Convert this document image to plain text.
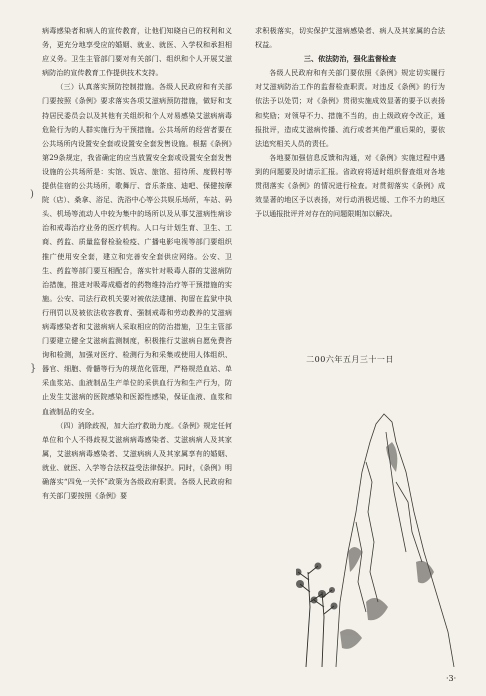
病毒感染者和病人的宣传教育，让他们知晓自已的权利和义务，更充分地享受应的婚姻、就业、就医、入学权和承担相应义务。卫生主管部门要对有关部门、组织和个人开展艾滋病防治的宣传教育工作提供技术支持。

（三）认真落实预防控制措施。各级人民政府和有关部门要按照《条例》要求落实各项艾滋病预防措施，做好和支持居民委员会以及其他有关组织和个人对易感染艾滋病病毒危险行为的人群实施行为干预措施。公共场所的经营者要在公共场所内设置安全套或设置安全套发售设施。根据《条例》第29条规定，我省确定的应当放置安全套或设置安全套发售设施的公共场所是：实馆、饭店、旅馆、招待所、度假村等提供住宿的公共场所，歌舞厅、音乐茶座、迪吧、保健按摩院（店）、桑拿、浴足、洗浴中心等公共娱乐场所，车站、码头、机场等流动人中较为集中的场所以及从事艾滋病性病诊治和戒毒治疗业务的医疗机构。人口与计划生育、卫生、工商、药监、质量监督检验检疫、广播电影电视等部门要组织推广使用安全套，建立和完善安全套供应网络。公安、卫生、药监等部门要互相配合，落实针对吸毒人群的艾滋病防治措施，推进对吸毒成瘾者的药物维持治疗等干预措施的实施。公安、司法行政机关要对被依法逮捕、拘留在监狱中执行刑罚以及被依法收容教育、强制戒毒和劳动教养的艾滋病病毒感染者和艾滋病病人采取相应的防治措施，卫生主管部门要建立健全艾滋病监测制度，积极推行艾滋病自愿免费咨询和检测，加强对医疗、检测行为和采集或使用人体组织、器官、细胞、骨髓等行为的规范化管理，严格规范血站、单采血浆站、血液制品生产单位的采供血行为和生产行为，防止发生艾滋病的医院感染和医源性感染，保证血液、血浆和血液制品的安全。

（四）消除歧视，加大治疗救助力度。《条例》规定任何单位和个人不得歧视艾滋病病毒感染者、艾滋病病人及其家属，艾滋病病毒感染者、艾滋病病人及其家属享有的婚姻、就业、就医、入学等合法权益受法律保护。同时，《条例》明确落实“四免一关怀”政策为各级政府职责。各级人民政府和有关部门要按照《条例》要

求积极落实，切实保护艾滋病感染者、病人及其家属的合法权益。

三、依法防治，强化监督检查

各级人民政府和有关部门要依照《条例》规定切实履行对艾滋病防治工作的监督检查职责。对违反《条例》的行为依法予以处罚；对《条例》贯彻实施成效显著的要予以表扬和奖励；对领导不力、措施不当的，由上级政府令改正，通报批评，造成艾滋病传播、流行或者其他严重后果的，要依法追究相关人员的责任。

各地要加强信息反馈和沟通，对《条例》实施过程中遇到的问题要及时请示汇报。省政府将适时组织督查组对各地贯彻落实《条例》的情况进行检查。对贯彻落实《条例》成效显著的地区予以表扬，对行动消极迟缓、工作不力的地区予以通报批评并对存在的问题限期加以解决。

二00六年五月三十一日
)
}
·3·
